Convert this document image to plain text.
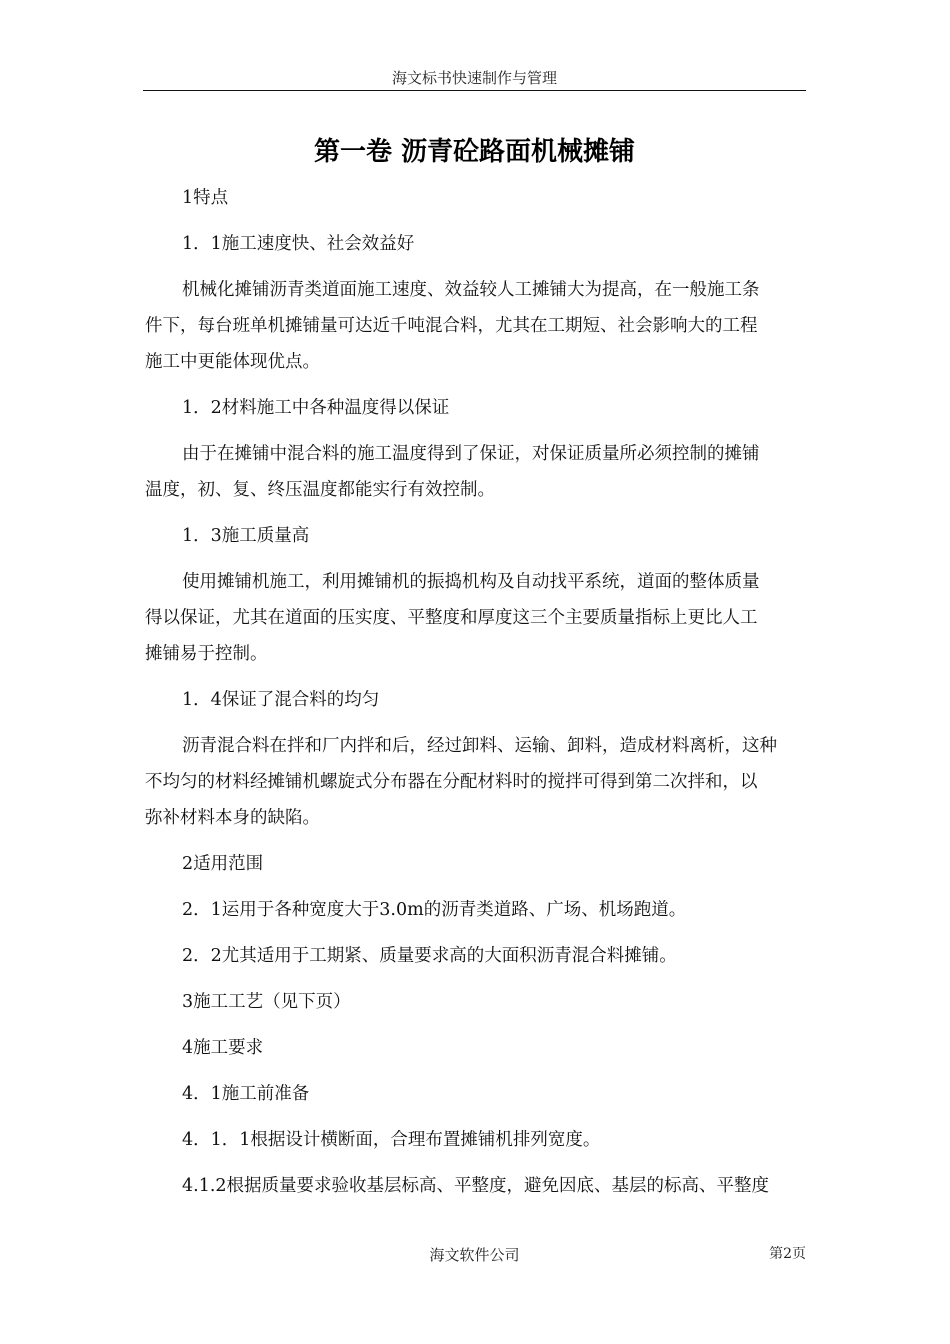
海文标书快速制作与管理
第一卷 沥青砼路面机械摊铺
1特点
1．1施工速度快、社会效益好
机械化摊铺沥青类道面施工速度、效益较人工摊铺大为提高，在一般施工条
件下，每台班单机摊铺量可达近千吨混合料，尤其在工期短、社会影响大的工程
施工中更能体现优点。
1．2材料施工中各种温度得以保证
由于在摊铺中混合料的施工温度得到了保证，对保证质量所必须控制的摊铺
温度，初、复、终压温度都能实行有效控制。
1．3施工质量高
使用摊铺机施工，利用摊铺机的振捣机构及自动找平系统，道面的整体质量
得以保证，尤其在道面的压实度、平整度和厚度这三个主要质量指标上更比人工
摊铺易于控制。
1．4保证了混合料的均匀
沥青混合料在拌和厂内拌和后，经过卸料、运输、卸料，造成材料离析，这种
不均匀的材料经摊铺机螺旋式分布器在分配材料时的搅拌可得到第二次拌和，以
弥补材料本身的缺陷。
2适用范围
2．1运用于各种宽度大于3.0m的沥青类道路、广场、机场跑道。
2．2尤其适用于工期紧、质量要求高的大面积沥青混合料摊铺。
3施工工艺（见下页）
4施工要求
4．1施工前准备
4．1．1根据设计横断面，合理布置摊铺机排列宽度。
4.1.2根据质量要求验收基层标高、平整度，避免因底、基层的标高、平整度
海文软件公司	第2页
